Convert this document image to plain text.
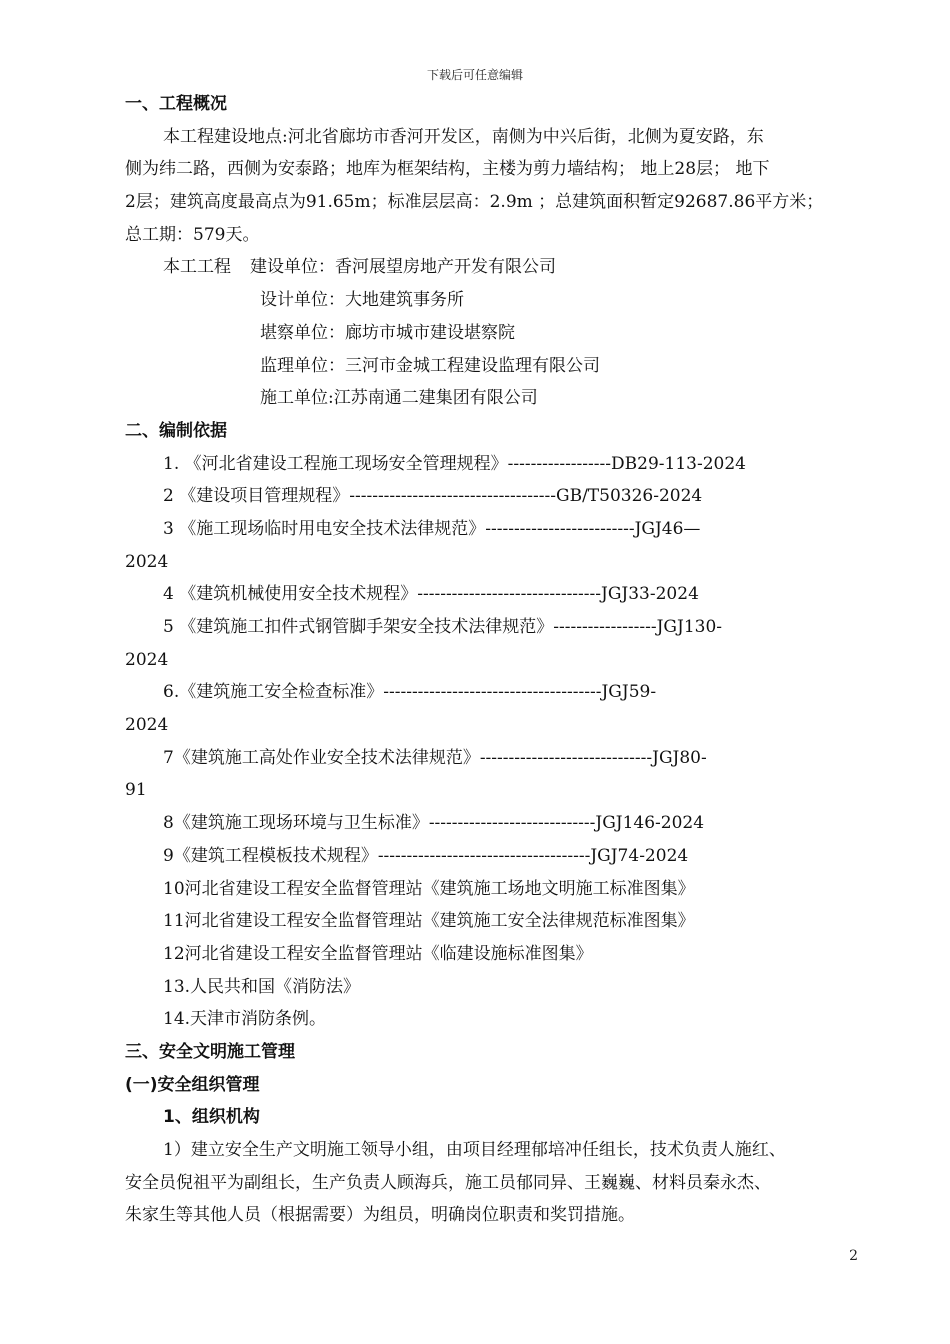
下载后可任意编辑
一、工程概况
本工程建设地点:河北省廊坊市香河开发区，南侧为中兴后街，北侧为夏安路，东
侧为纬二路，西侧为安泰路；地库为框架结构，主楼为剪力墙结构； 地上28层； 地下
2层；建筑高度最高点为91.65m；标准层层高：2.9m ；总建筑面积暂定92687.86平方米；
总工期：579天。
本工工程 建设单位：香河展望房地产开发有限公司
设计单位：大地建筑事务所
堪察单位：廊坊市城市建设堪察院
监理单位：三河市金城工程建设监理有限公司
施工单位:江苏南通二建集团有限公司
二、编制依据
1. 《河北省建设工程施工现场安全管理规程》------------------DB29-113-2024
2 《建设项目管理规程》------------------------------------GB/T50326-2024
3 《施工现场临时用电安全技术法律规范》--------------------------JGJ46—
2024
4 《建筑机械使用安全技术规程》--------------------------------JGJ33-2024
5 《建筑施工扣件式钢管脚手架安全技术法律规范》------------------JGJ130-
2024
6.《建筑施工安全检查标准》--------------------------------------JGJ59-
2024
7《建筑施工高处作业安全技术法律规范》------------------------------JGJ80-
91
8《建筑施工现场环境与卫生标准》-----------------------------JGJ146-2024
9《建筑工程模板技术规程》-------------------------------------JGJ74-2024
10河北省建设工程安全监督管理站《建筑施工场地文明施工标准图集》
11河北省建设工程安全监督管理站《建筑施工安全法律规范标准图集》
12河北省建设工程安全监督管理站《临建设施标准图集》
13.人民共和国《消防法》
14.天津市消防条例。
三、安全文明施工管理
(一)安全组织管理
1、组织机构
1）建立安全生产文明施工领导小组，由项目经理郁培冲任组长，技术负责人施红、
安全员倪祖平为副组长，生产负责人顾海兵，施工员郁同异、王巍巍、材料员秦永杰、
朱家生等其他人员（根据需要）为组员，明确岗位职责和奖罚措施。
2
